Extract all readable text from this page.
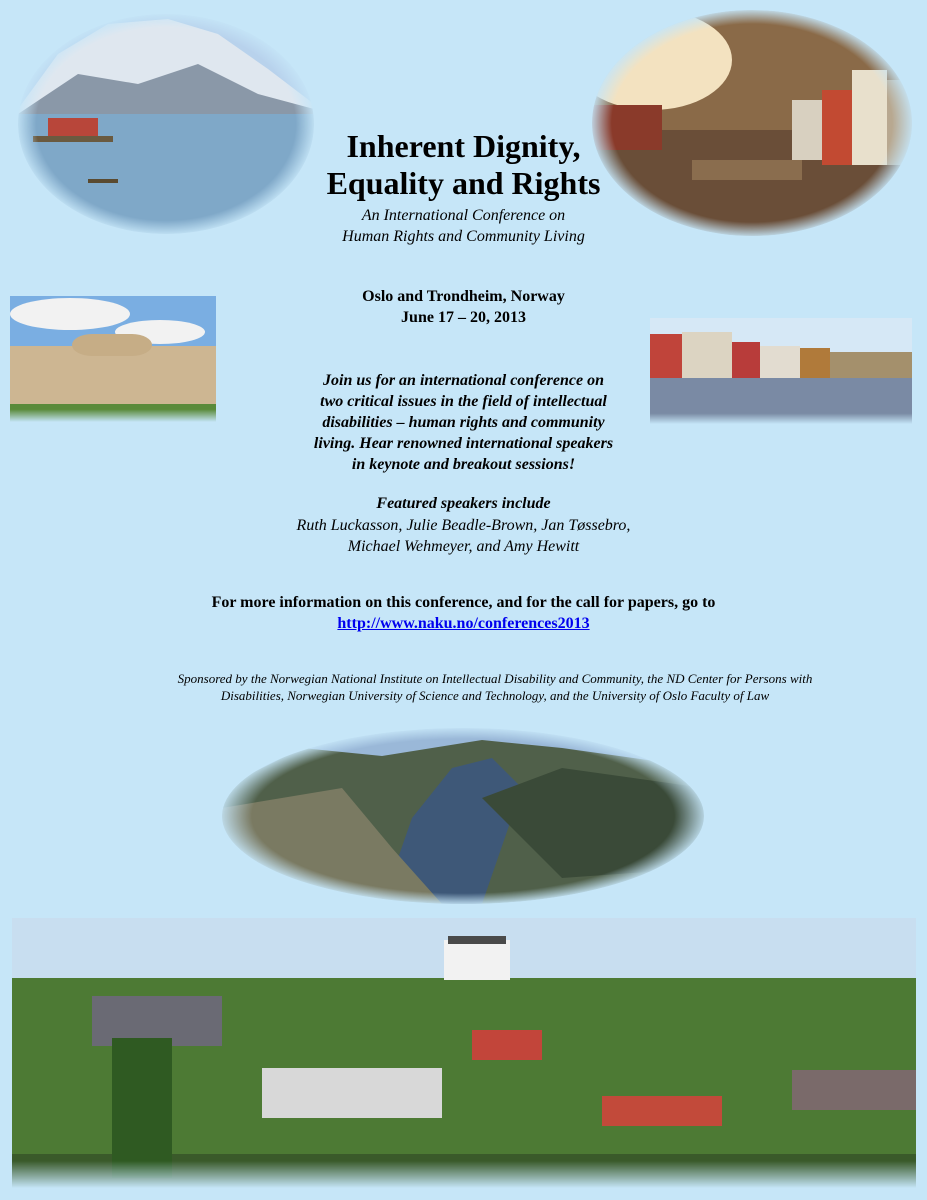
Inherent Dignity,
Equality and Rights
An International Conference on
Human Rights and Community Living
Oslo and Trondheim, Norway
June 17 – 20, 2013
Join us for an international conference on
two critical issues in the field of intellectual
disabilities – human rights and community
living. Hear renowned international speakers
in keynote and breakout sessions!
Featured speakers include
Ruth Luckasson, Julie Beadle-Brown, Jan Tøssebro,
Michael Wehmeyer, and Amy Hewitt
For more information on this conference, and for the call for papers, go to
http://www.naku.no/conferences2013
Sponsored by the Norwegian National Institute on Intellectual Disability and Community, the ND Center for Persons with
Disabilities, Norwegian University of Science and Technology, and the University of Oslo Faculty of Law
